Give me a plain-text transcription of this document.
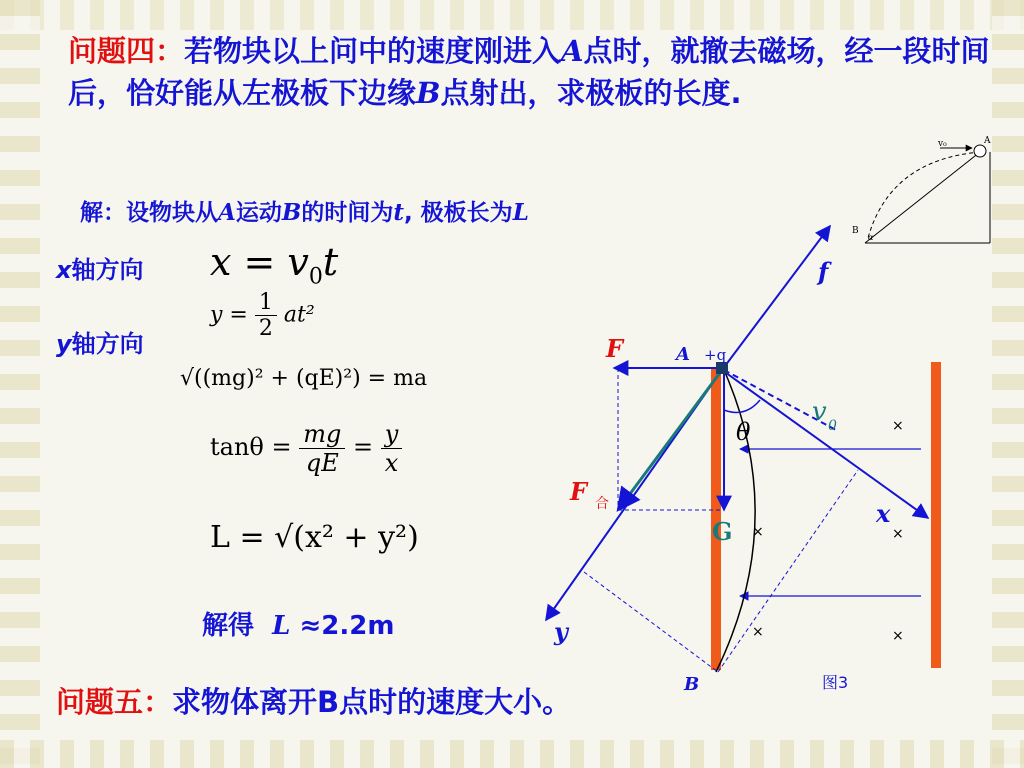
问题四：若物块以上问中的速度刚进入A点时，就撤去磁场，经一段时间后，恰好能从左极板下边缘B点射出，求极板的长度.
解：设物块从A运动B的时间为t, 极板长为L
x轴方向
y轴方向
$x = v_0t$
$y = \frac{1}{2} at^2$
√((mg)² + (qE)²) = ma
$\tan\theta = \frac{mg}{qE} = \frac{y}{x}$
L = √(x² + y²)
解得 L ≈2.2m
问题五：求物体离开B点时的速度大小。
v₀	A
B
α
×
×	×
×	×
f
F	A +q
v 0
θ
F 合	x
G
y
B	图3
